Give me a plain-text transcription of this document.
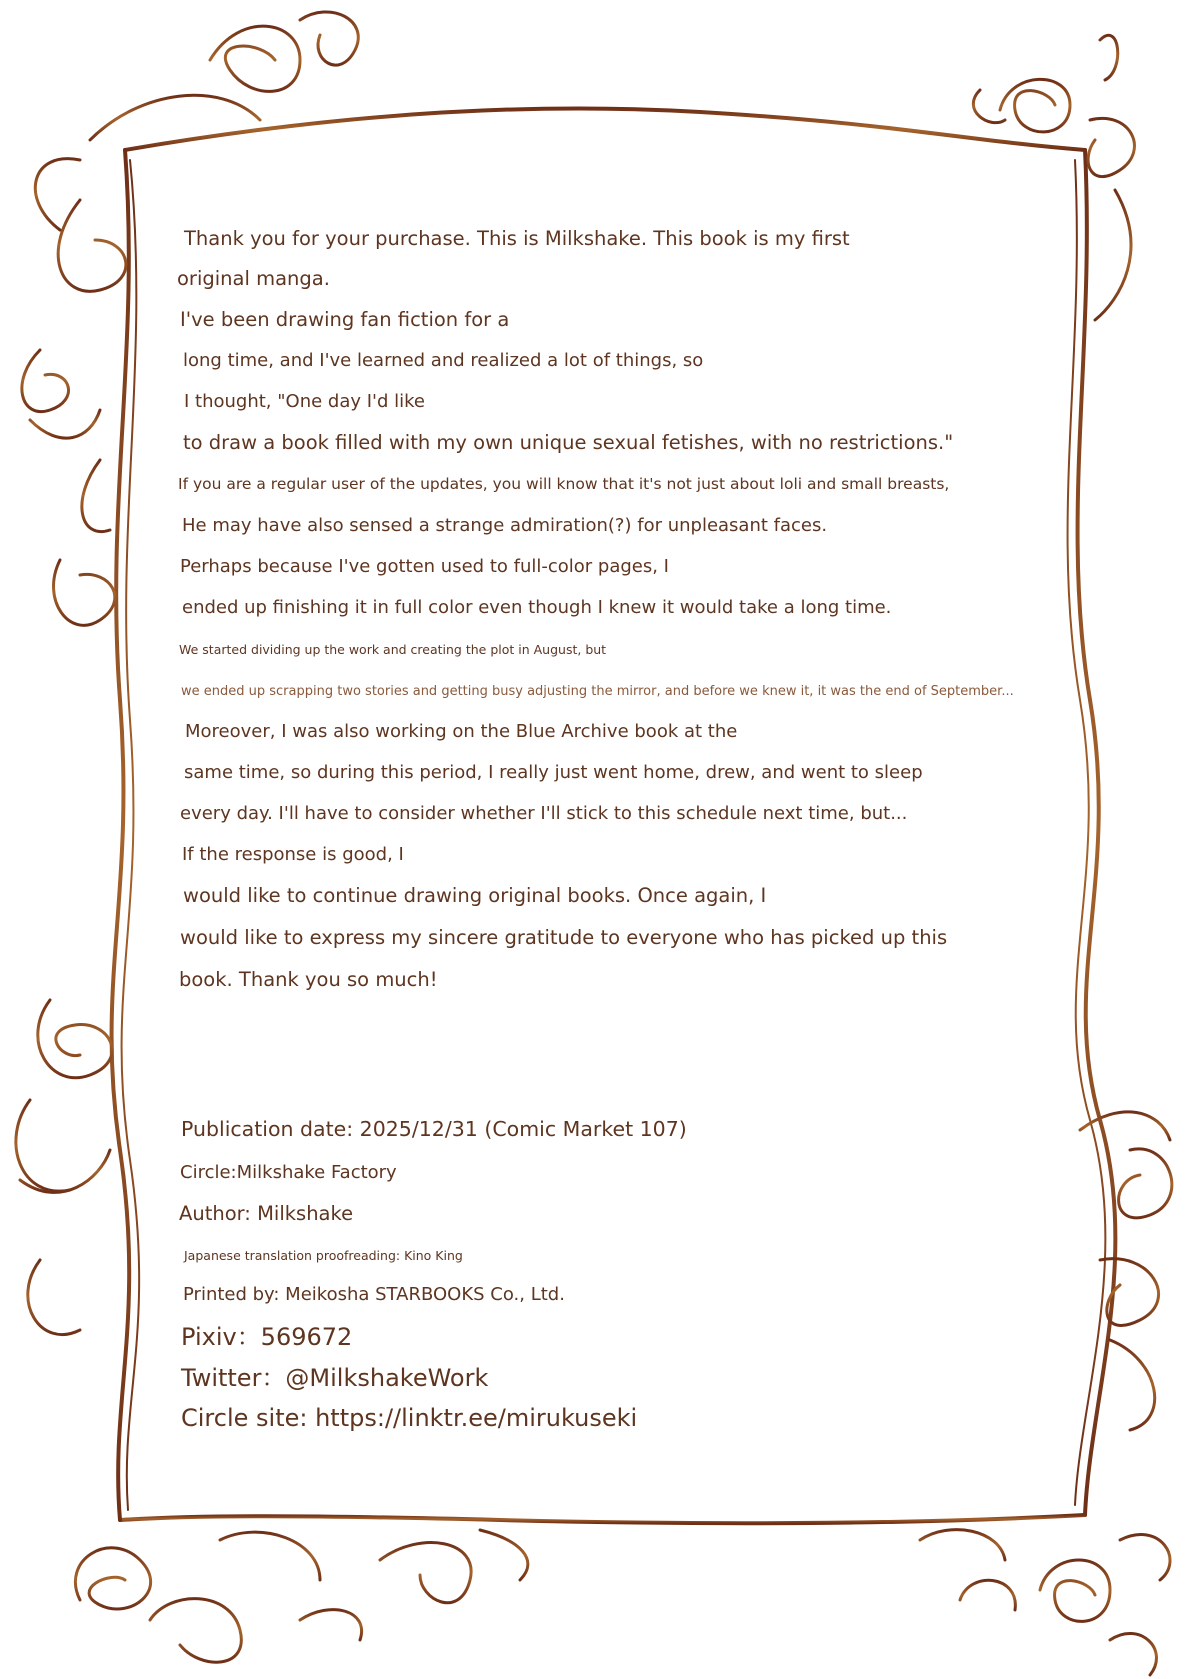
Thank you for your purchase. This is Milkshake. This book is my first

original manga.

I've been drawing fan fiction for a

long time, and I've learned and realized a lot of things, so

I thought, "One day I'd like

to draw a book filled with my own unique sexual fetishes, with no restrictions."

If you are a regular user of the updates, you will know that it's not just about loli and small breasts,

He may have also sensed a strange admiration(?) for unpleasant faces.

Perhaps because I've gotten used to full-color pages, I

ended up finishing it in full color even though I knew it would take a long time.

We started dividing up the work and creating the plot in August, but

we ended up scrapping two stories and getting busy adjusting the mirror, and before we knew it, it was the end of September...

Moreover, I was also working on the Blue Archive book at the

same time, so during this period, I really just went home, drew, and went to sleep

every day. I'll have to consider whether I'll stick to this schedule next time, but...

If the response is good, I

would like to continue drawing original books. Once again, I

would like to express my sincere gratitude to everyone who has picked up this

book. Thank you so much!

Publication date: 2025/12/31 (Comic Market 107)

Circle:Milkshake Factory

Author: Milkshake

Japanese translation proofreading: Kino King

Printed by: Meikosha STARBOOKS Co., Ltd.

Pixiv：569672

Twitter：@MilkshakeWork

Circle site: https://linktr.ee/mirukuseki
